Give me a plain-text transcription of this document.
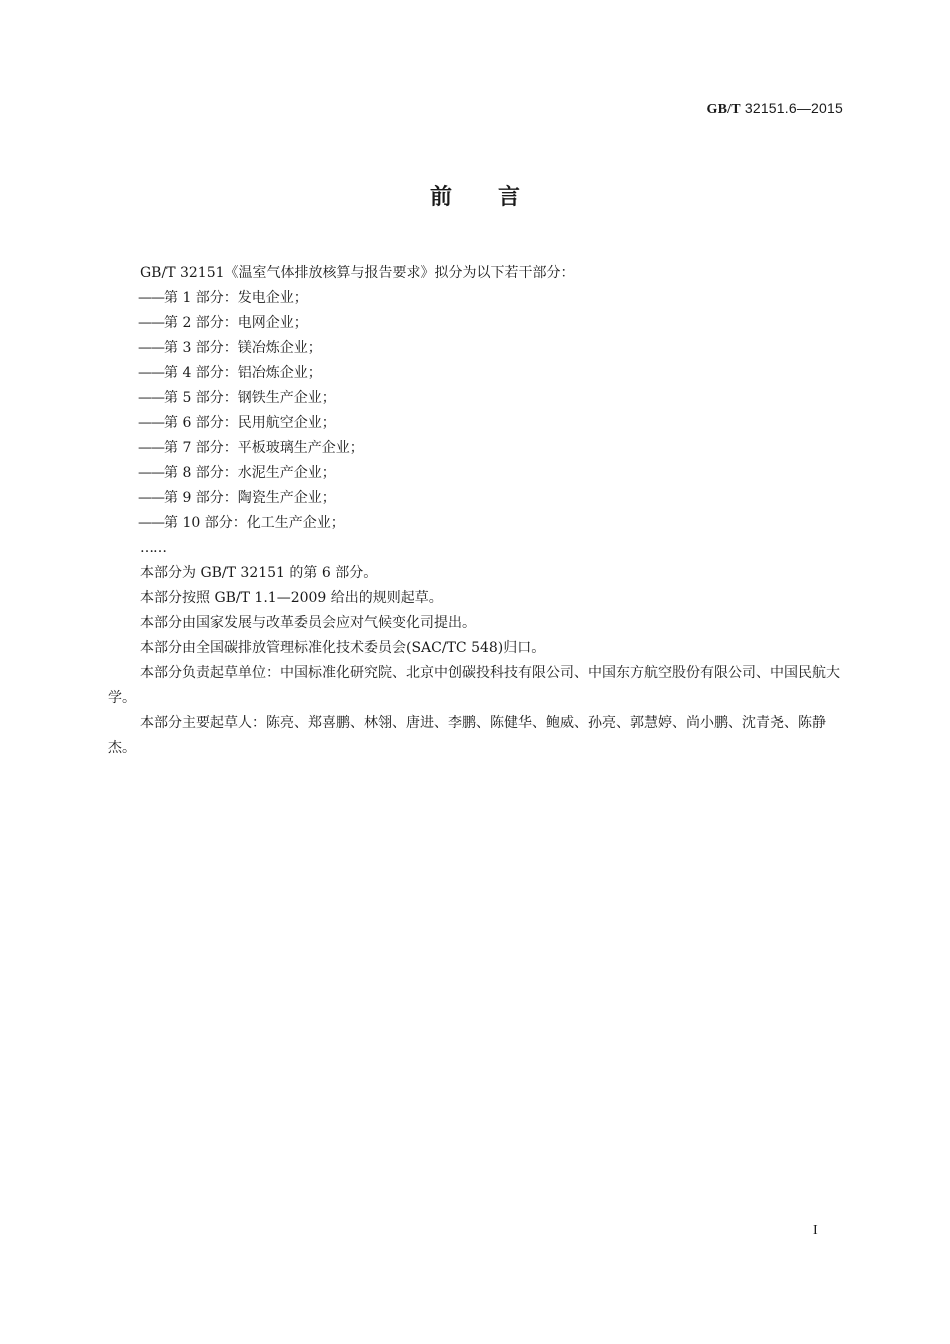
GB/T 32151.6—2015
前言

GB/T 32151《温室气体排放核算与报告要求》拟分为以下若干部分：

——第 1 部分：发电企业；

——第 2 部分：电网企业；

——第 3 部分：镁冶炼企业；

——第 4 部分：铝冶炼企业；

——第 5 部分：钢铁生产企业；

——第 6 部分：民用航空企业；

——第 7 部分：平板玻璃生产企业；

——第 8 部分：水泥生产企业；

——第 9 部分：陶瓷生产企业；

——第 10 部分：化工生产企业；

……

本部分为 GB/T 32151 的第 6 部分。

本部分按照 GB/T 1.1—2009 给出的规则起草。

本部分由国家发展与改革委员会应对气候变化司提出。

本部分由全国碳排放管理标准化技术委员会(SAC/TC 548)归口。

本部分负责起草单位：中国标准化研究院、北京中创碳投科技有限公司、中国东方航空股份有限公司、中国民航大学。

本部分主要起草人：陈亮、郑喜鹏、林翎、唐进、李鹏、陈健华、鲍威、孙亮、郭慧婷、尚小鹏、沈青尧、陈静杰。

I
